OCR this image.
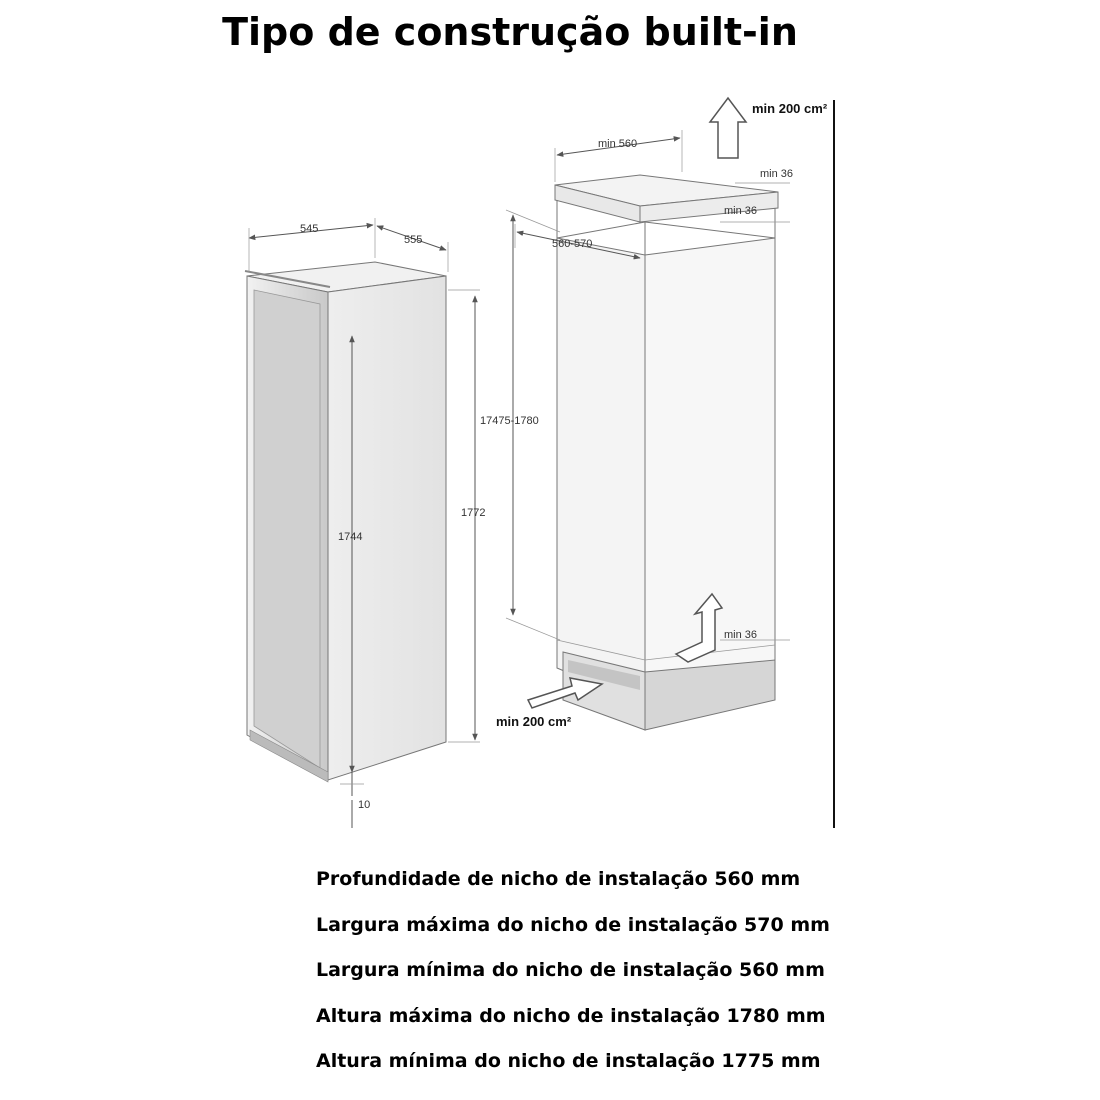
Tipo de construção built-in
545
555
1772
1744
10
min 560
min 36
min 36
560-570
17475-1780
min 36
min 200 cm²
min 200 cm²
Profundidade de nicho de instalação 560 mm
Largura máxima do nicho de instalação 570 mm
Largura mínima do nicho de instalação 560 mm
Altura máxima do nicho de instalação 1780 mm
Altura mínima do nicho de instalação 1775 mm
